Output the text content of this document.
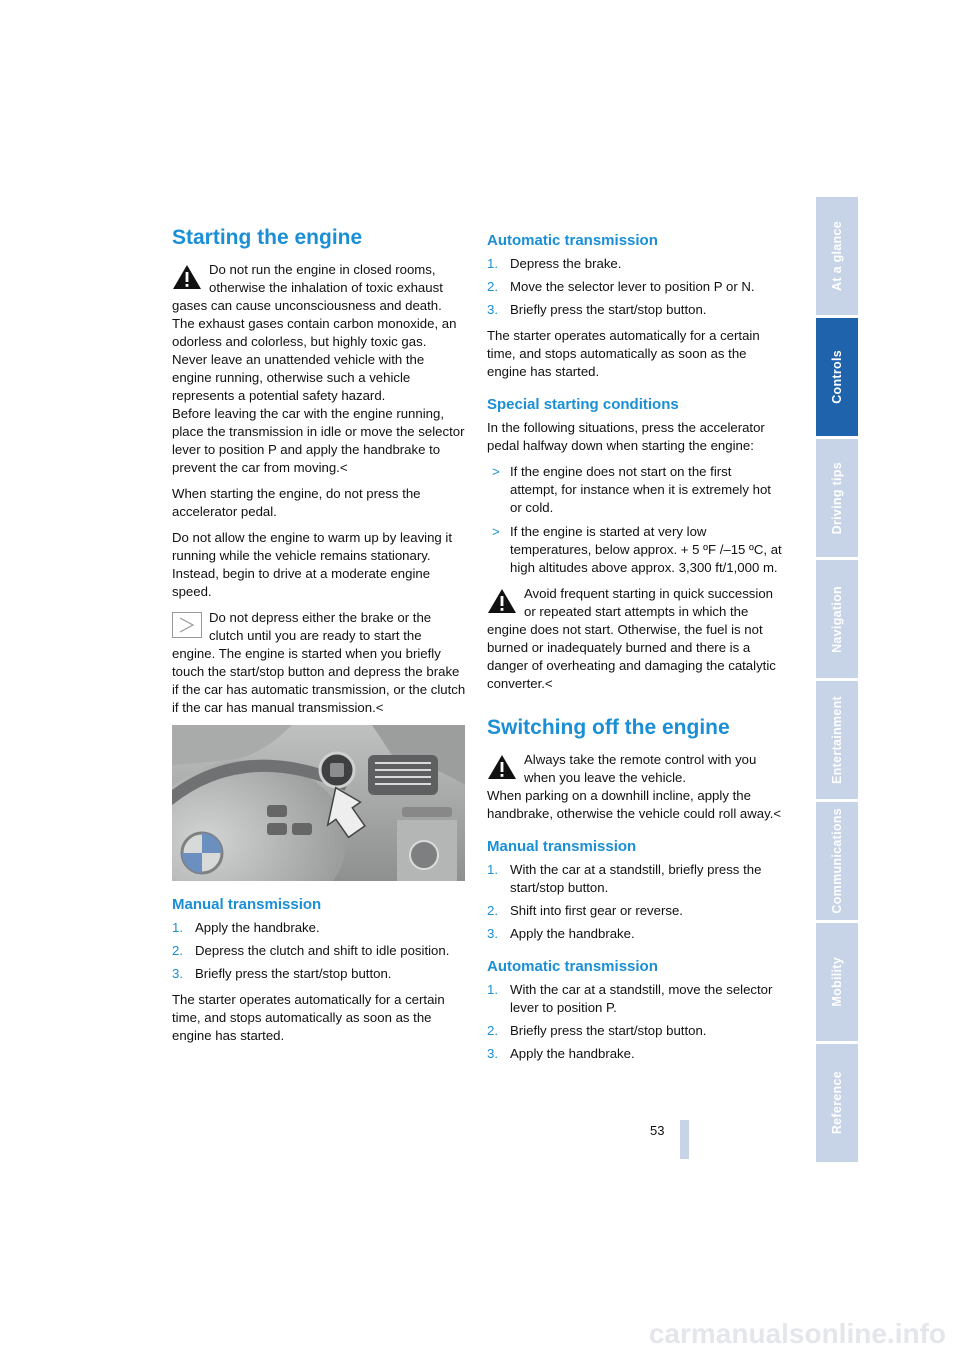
At a glance
Controls
Driving tips
Navigation
Entertainment
Communications
Mobility
Reference
Starting the engine
Do not run the engine in closed rooms, otherwise the inhalation of toxic exhaust gases can cause unconsciousness and death.
The exhaust gases contain carbon monoxide, an odorless and colorless, but highly toxic gas.
Never leave an unattended vehicle with the engine running, otherwise such a vehicle represents a potential safety hazard.
Before leaving the car with the engine running, place the transmission in idle or move the selector lever to position P and apply the handbrake to prevent the car from moving.<

When starting the engine, do not press the accelerator pedal.

Do not allow the engine to warm up by leaving it running while the vehicle remains stationary. Instead, begin to drive at a moderate engine speed.

Do not depress either the brake or the clutch until you are ready to start the engine. The engine is started when you briefly touch the start/stop button and depress the brake if the car has automatic transmission, or the clutch if the car has manual transmission.<
Manual transmission
1. Apply the handbrake.
2. Depress the clutch and shift to idle position.
3. Briefly press the start/stop button.

The starter operates automatically for a certain time, and stops automatically as soon as the engine has started.

Automatic transmission
1. Depress the brake.
2. Move the selector lever to position P or N.
3. Briefly press the start/stop button.

The starter operates automatically for a certain time, and stops automatically as soon as the engine has started.

Special starting conditions

In the following situations, press the accelerator pedal halfway down when starting the engine:

> If the engine does not start on the first attempt, for instance when it is extremely hot or cold.
> If the engine is started at very low temperatures, below approx. + 5 ºF /–15 ºC, at high altitudes above approx. 3,300 ft/1,000 m.
Avoid frequent starting in quick succession or repeated start attempts in which the engine does not start. Otherwise, the fuel is not burned or inadequately burned and there is a danger of overheating and damaging the catalytic converter.<
Switching off the engine
Always take the remote control with you when you leave the vehicle.
When parking on a downhill incline, apply the handbrake, otherwise the vehicle could roll away.<
Manual transmission
1. With the car at a standstill, briefly press the start/stop button.
2. Shift into first gear or reverse.
3. Apply the handbrake.
Automatic transmission
1. With the car at a standstill, move the selector lever to position P.
2. Briefly press the start/stop button.
3. Apply the handbrake.
53
carmanualsonline.info
